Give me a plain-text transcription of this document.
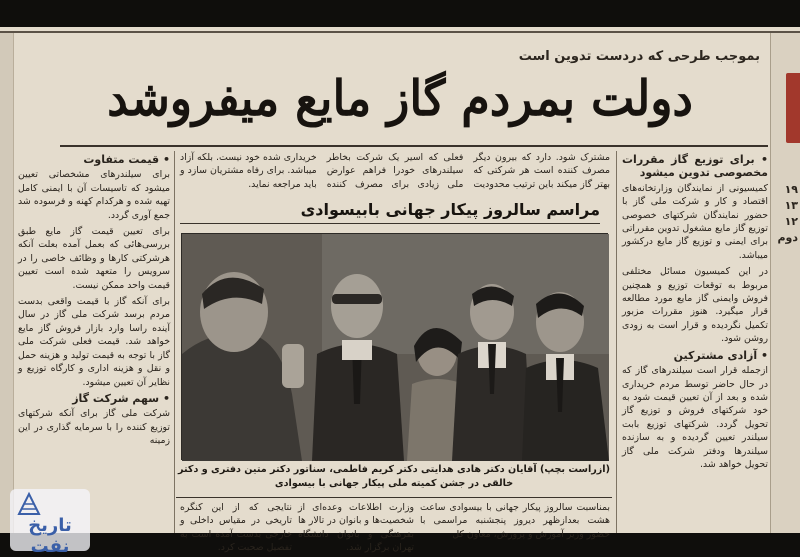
۱۹
۱۳
۱۲
دوم
بموجب طرحی که دردست تدوین است
دولت بمردم گاز مایع میفروشد
• برای توزیع گاز مقررات مخصوصی تدوین میشود

کمیسیونی از نمایندگان وزارتخانه‌های اقتصاد و کار و شرکت ملی گاز با حضور نمایندگان شرکتهای خصوصی توزیع گاز مایع مشغول تدوین مقرراتی برای ایمنی و توزیع گاز مایع درکشور میباشد.

در این کمیسیون مسائل مختلفی مربوط به توقعات توزیع و همچنین فروش وایمنی گاز مایع مورد مطالعه قرار میگیرد. هنوز مقررات مزبور تکمیل نگردیده و قرار است به زودی روشن شود.

• آزادی مشترکین

ازجمله قرار است سیلندرهای گاز که در حال حاضر توسط مردم خریداری شده و بعد از آن تعیین قیمت شود به خود شرکتهای فروش و توزیع گاز تحویل گردد. شرکتهای توزیع بابت سیلندر تعیین گردیده و به سازنده سیلندرها ودفتر شرکت ملی گاز تحویل خواهد شد.

مشترک شود. دارد که بیرون دیگر مصرف کننده است هر شرکتی که بهتر گاز میکند باین ترتیب محدودیت فعلی که اسیر یک شرکت بخاطر سیلندرهای خودرا فراهم عوارض ملی زیادی برای مصرف کننده خریداری شده خود نیست. بلکه آزاد میباشد. برای رفاه مشتریان سازد و باید مراجعه نماید.

• قیمت متفاوت

برای سیلندرهای مشخصاتی تعیین میشود که تاسیسات آن با ایمنی کامل تهیه شده و هرکدام کهنه و فرسوده شد جمع آوری گردد.

برای تعیین قیمت گاز مایع طبق بررسی‌هائی که بعمل آمده بعلت آنکه هرشرکتی کارها و وظائف خاصی را در سرویس را متعهد شده است تعیین قیمت واحد ممکن نیست.

برای آنکه گاز با قیمت واقعی بدست مردم برسد شرکت ملی گاز در سال آینده راسا وارد بازار فروش گاز مایع خواهد شد. قیمت فعلی شرکت ملی گاز با توجه به قیمت تولید و هزینه حمل و نقل و هزینه اداری و کارگاه توزیع و نظایر آن تعیین میشود.

• سهم شرکت گاز

شرکت ملی گاز برای آنکه شرکتهای توزیع کننده را با سرمایه گذاری در این زمینه

مراسم سالروز پیکار جهانی بابیسوادی
(ازراست بچپ) آقایان دکتر هادی هدایتی دکتر کریم فاطمی، سناتور دکتر متین دفتری و دکتر خالقی در جشن کمیته ملی پیکار جهانی با بیسوادی

بمناسبت سالروز پیکار جهانی با بیسوادی ساعت هشت بعدازظهر دیروز پنجشنبه مراسمی با حضور وزیر آموزش و پرورش، معاون کل

وزارت اطلاعات وعده‌ای از شخصیت‌ها و بانوان در تالار ها بفرهنگی و بانوان دانشگاه تهران برگزار شد.

نتایجی که از این کنگره تاریخی در مقیاس داخلی و خارجی بدست آمده است به تفصیل صحبت کرد.

تاریخ نفت
